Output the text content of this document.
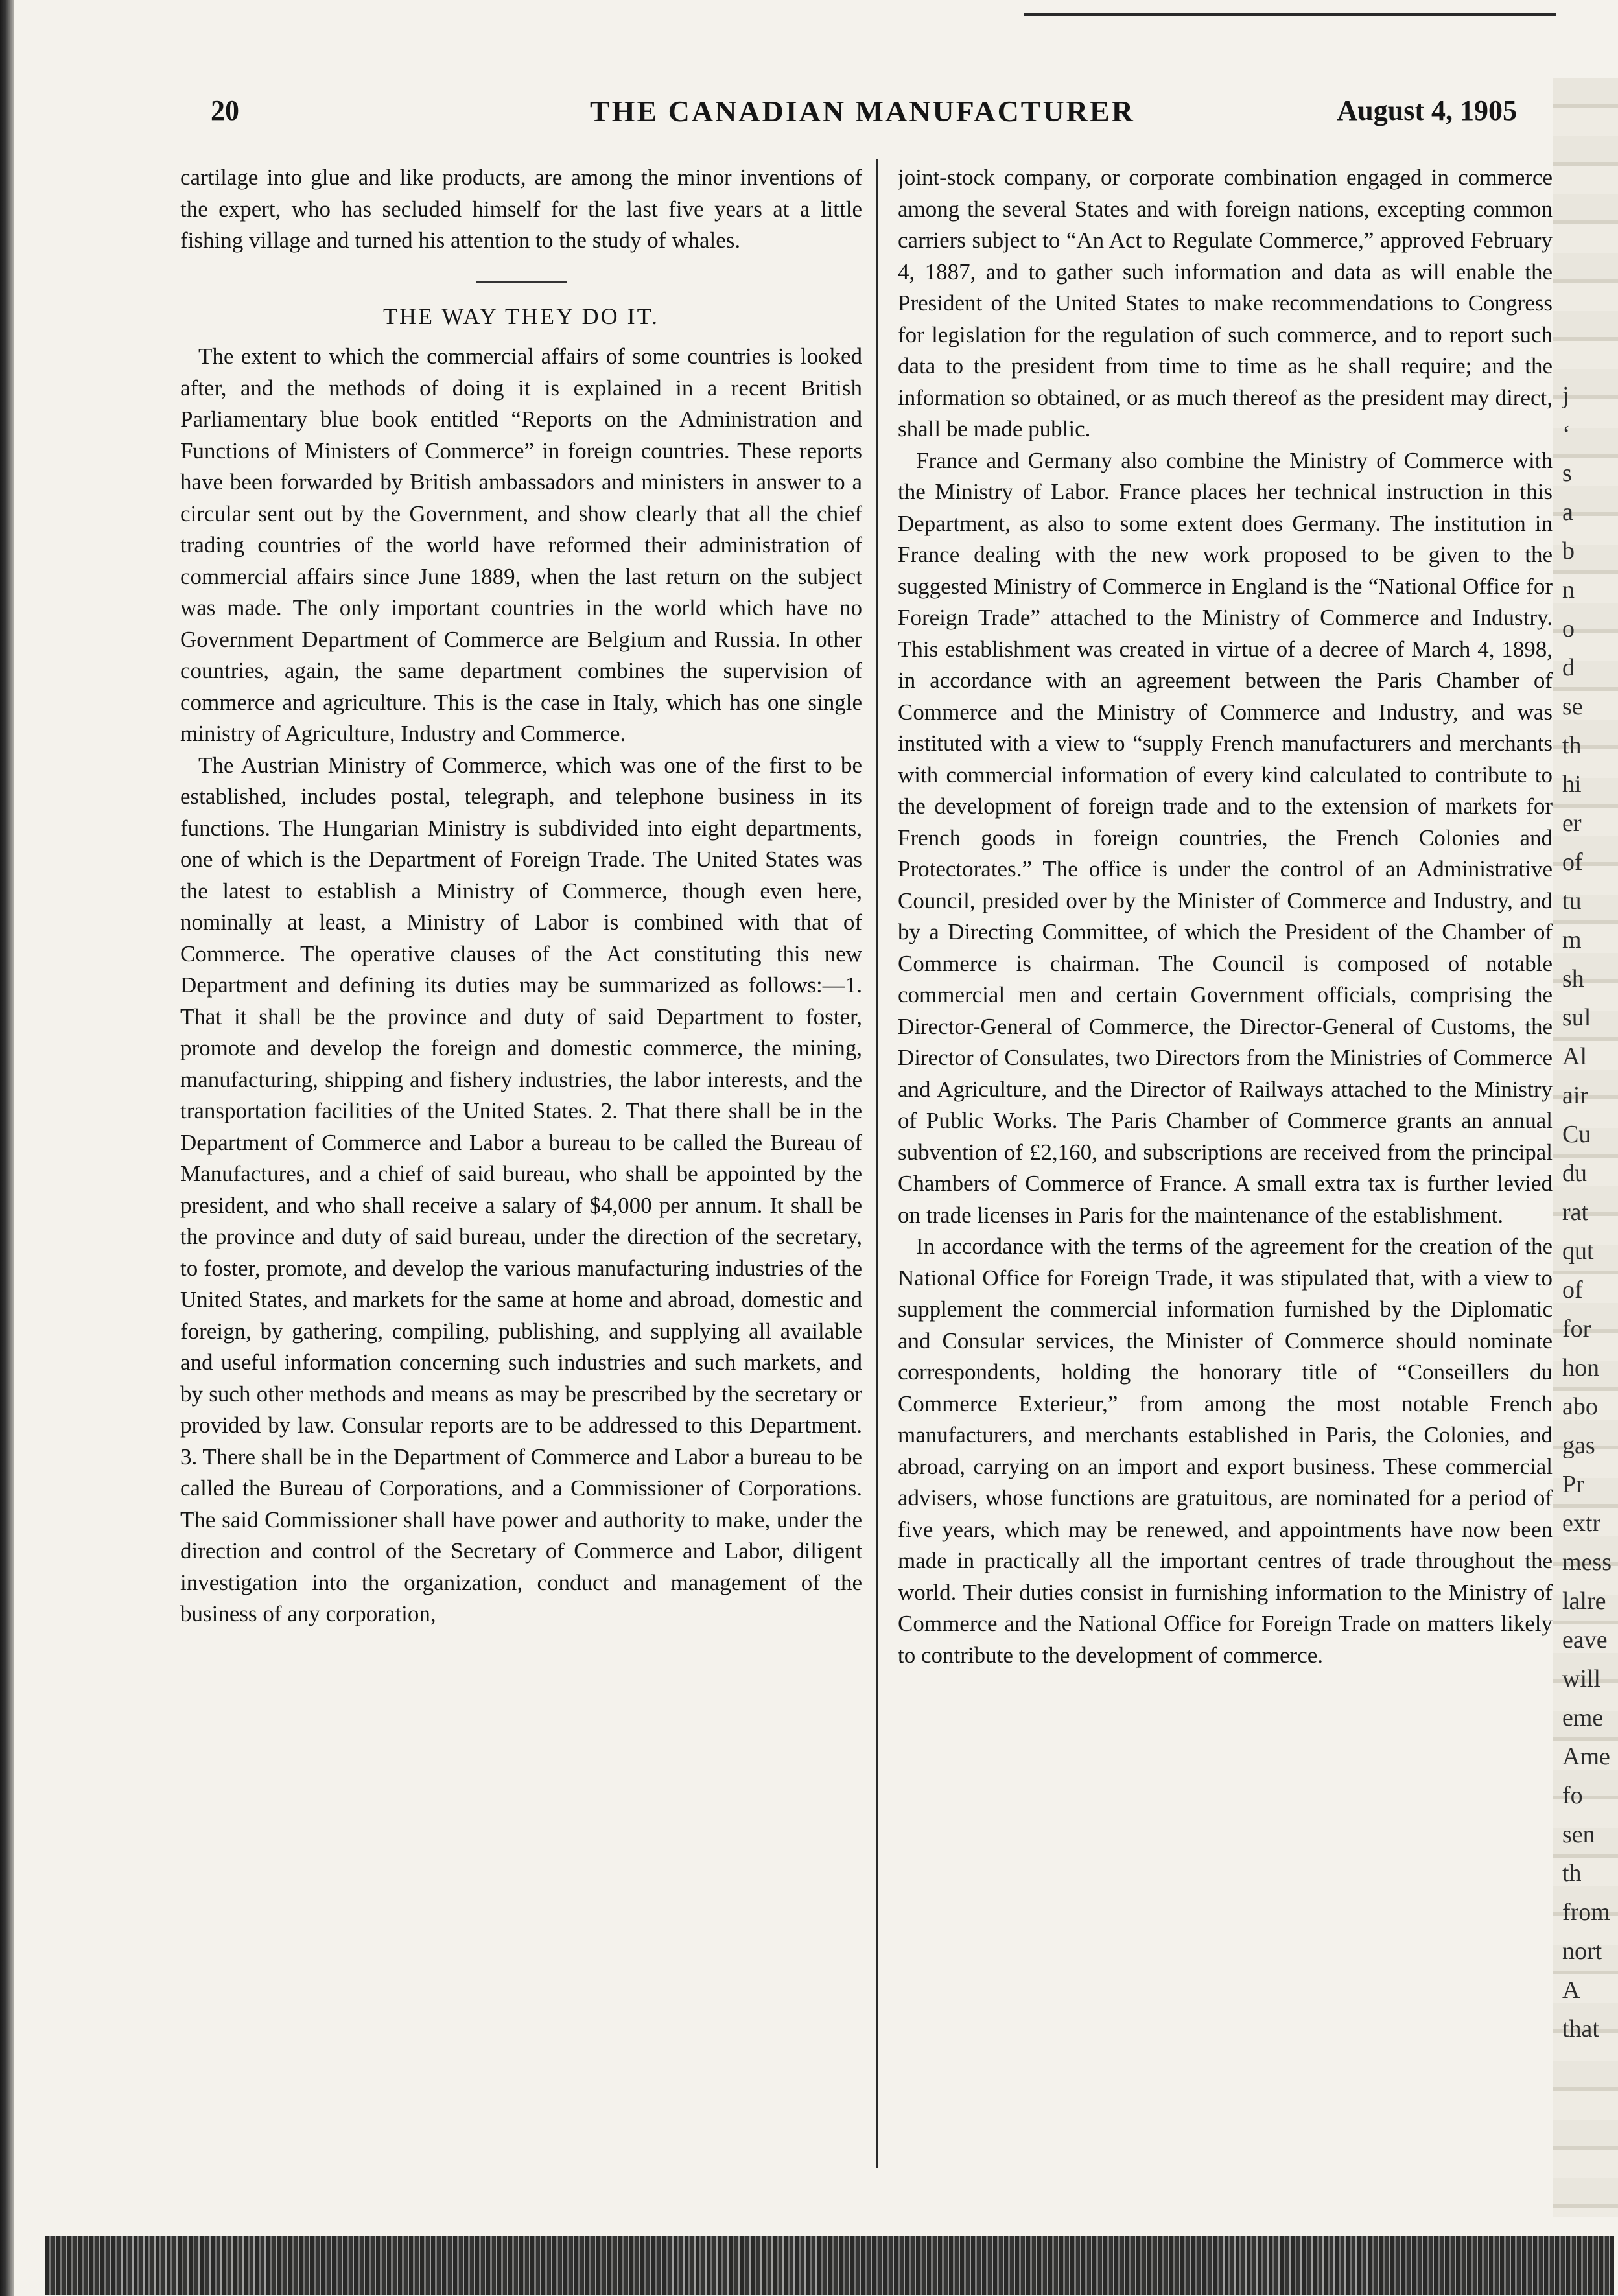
j
‘
s
a
b
n
o
d
se
th
hi
er
of
tu
m
sh
sul
Al
air
Cu
du
rat
qut
of
for
hon
abo
gas
Pr
extr
mess
lalre
eave
will
eme
Ame
fo
sen
th
from
nort
A
that
20	THE CANADIAN MANUFACTURER	August 4, 1905

cartilage into glue and like products, are among the minor inventions of the expert, who has secluded himself for the last five years at a little fishing village and turned his attention to the study of whales.

THE WAY THEY DO IT.

The extent to which the commercial affairs of some countries is looked after, and the methods of doing it is explained in a recent British Parliamentary blue book entitled “Reports on the Administration and Functions of Ministers of Commerce” in foreign countries. These reports have been forwarded by British ambassadors and ministers in answer to a circular sent out by the Government, and show clearly that all the chief trading countries of the world have reformed their administration of commercial affairs since June 1889, when the last return on the subject was made. The only important countries in the world which have no Government Department of Commerce are Belgium and Russia. In other countries, again, the same department combines the supervision of commerce and agriculture. This is the case in Italy, which has one single ministry of Agriculture, Industry and Commerce.

The Austrian Ministry of Commerce, which was one of the first to be established, includes postal, telegraph, and telephone business in its functions. The Hungarian Ministry is subdivided into eight departments, one of which is the Department of Foreign Trade. The United States was the latest to establish a Ministry of Commerce, though even here, nominally at least, a Ministry of Labor is combined with that of Commerce. The operative clauses of the Act constituting this new Department and defining its duties may be summarized as follows:—1. That it shall be the province and duty of said Department to foster, promote and develop the foreign and domestic commerce, the mining, manufacturing, shipping and fishery industries, the labor interests, and the transportation facilities of the United States. 2. That there shall be in the Department of Commerce and Labor a bureau to be called the Bureau of Manufactures, and a chief of said bureau, who shall be appointed by the president, and who shall receive a salary of $4,000 per annum. It shall be the province and duty of said bureau, under the direction of the secretary, to foster, promote, and develop the various manufacturing industries of the United States, and markets for the same at home and abroad, domestic and foreign, by gathering, compiling, publishing, and supplying all available and useful information concerning such industries and such markets, and by such other methods and means as may be prescribed by the secretary or provided by law. Consular reports are to be addressed to this Department. 3. There shall be in the Department of Commerce and Labor a bureau to be called the Bureau of Corporations, and a Commissioner of Corporations. The said Commissioner shall have power and authority to make, under the direction and control of the Secretary of Commerce and Labor, diligent investigation into the organization, conduct and management of the business of any corporation,

joint-stock company, or corporate combination engaged in commerce among the several States and with foreign nations, excepting common carriers subject to “An Act to Regulate Commerce,” approved February 4, 1887, and to gather such information and data as will enable the President of the United States to make recommendations to Congress for legislation for the regulation of such commerce, and to report such data to the president from time to time as he shall require; and the information so obtained, or as much thereof as the president may direct, shall be made public.

France and Germany also combine the Ministry of Commerce with the Ministry of Labor. France places her technical instruction in this Department, as also to some extent does Germany. The institution in France dealing with the new work proposed to be given to the suggested Ministry of Commerce in England is the “National Office for Foreign Trade” attached to the Ministry of Commerce and Industry. This establishment was created in virtue of a decree of March 4, 1898, in accordance with an agreement between the Paris Chamber of Commerce and the Ministry of Commerce and Industry, and was instituted with a view to “supply French manufacturers and merchants with commercial information of every kind calculated to contribute to the development of foreign trade and to the extension of markets for French goods in foreign countries, the French Colonies and Protectorates.” The office is under the control of an Administrative Council, presided over by the Minister of Commerce and Industry, and by a Directing Committee, of which the President of the Chamber of Commerce is chairman. The Council is composed of notable commercial men and certain Government officials, comprising the Director-General of Commerce, the Director-General of Customs, the Director of Consulates, two Directors from the Ministries of Commerce and Agriculture, and the Director of Railways attached to the Ministry of Public Works. The Paris Chamber of Commerce grants an annual subvention of £2,160, and subscriptions are received from the principal Chambers of Commerce of France. A small extra tax is further levied on trade licenses in Paris for the maintenance of the establishment.

In accordance with the terms of the agreement for the creation of the National Office for Foreign Trade, it was stipulated that, with a view to supplement the commercial information furnished by the Diplomatic and Consular services, the Minister of Commerce should nominate correspondents, holding the honorary title of “Conseillers du Commerce Exterieur,” from among the most notable French manufacturers, and merchants established in Paris, the Colonies, and abroad, carrying on an import and export business. These commercial advisers, whose functions are gratuitous, are nominated for a period of five years, which may be renewed, and appointments have now been made in practically all the important centres of trade throughout the world. Their duties consist in furnishing information to the Ministry of Commerce and the National Office for Foreign Trade on matters likely to contribute to the development of commerce.
